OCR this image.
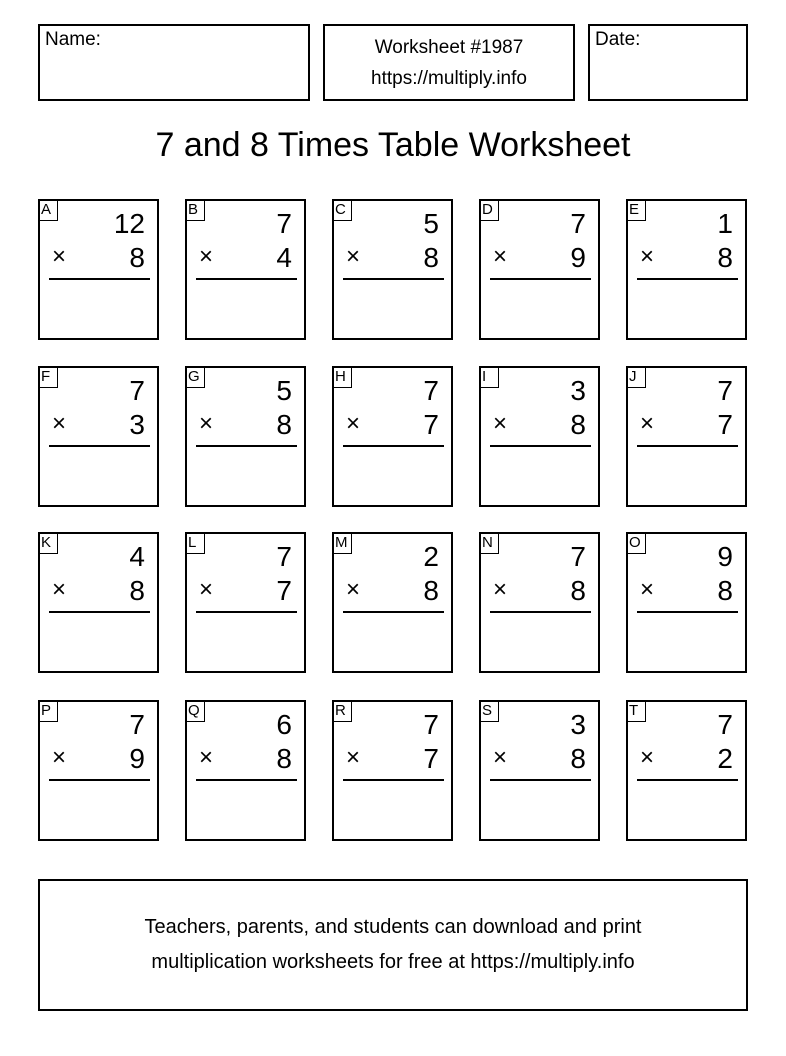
Name:	Worksheet #1987
https://multiply.info
Date:
7 and 8 Times Table Worksheet
A 12
× 8
B	7
× 4
C	5
× 8
D	7
× 9
E	1
× 8
F	7
× 3
G	5
× 8
H	7
× 7
I	3
× 8
J	7
× 7
K	4
× 8
L	7
× 7
M	2
× 8
N	7
× 8
O	9
× 8
P	7
× 9
Q	6
× 8
R	7
× 7
S	3
× 8
T	7
× 2
Teachers, parents, and students can download and print
multiplication worksheets for free at https://multiply.info
